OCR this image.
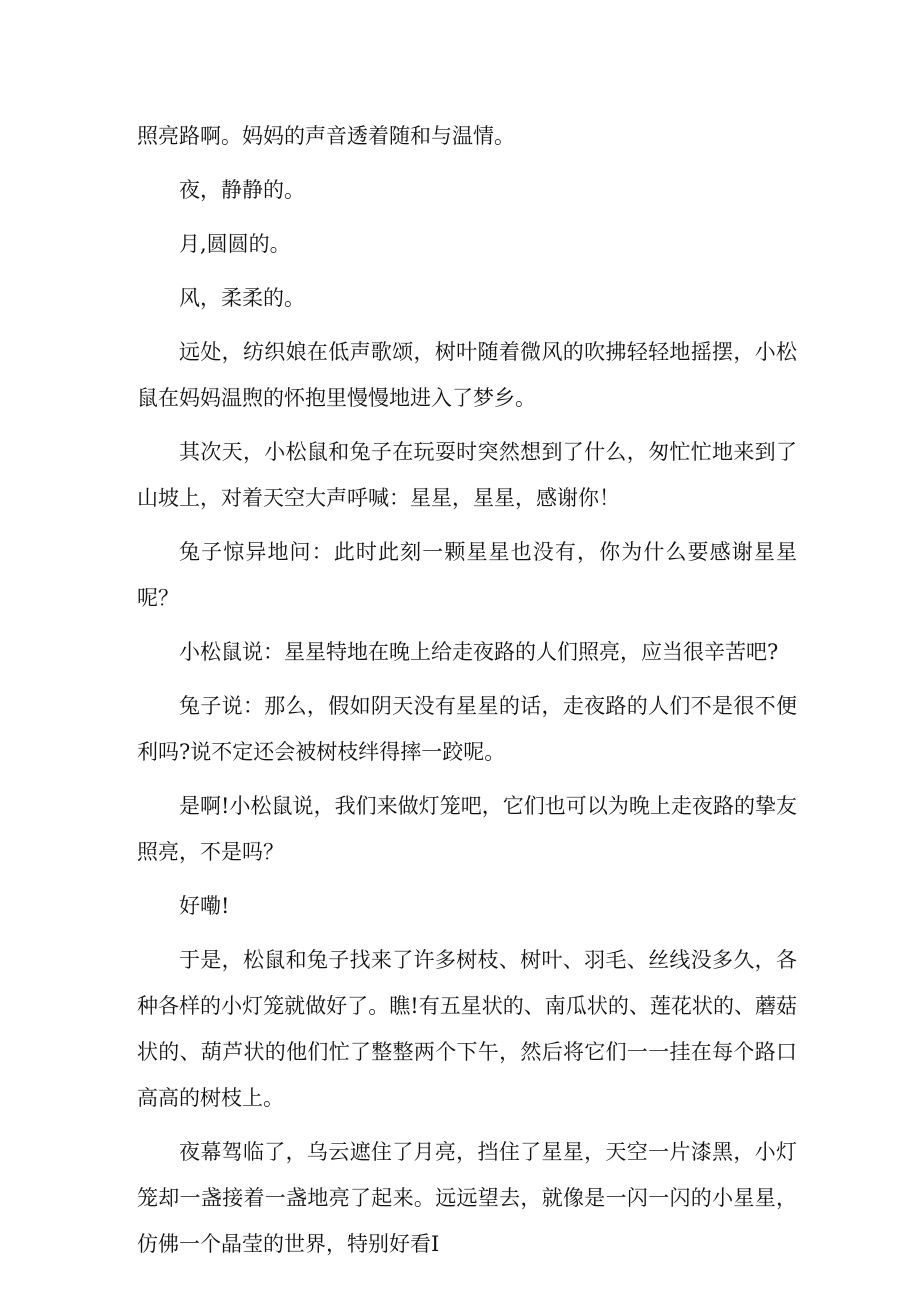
照亮路啊。妈妈的声音透着随和与温情。

夜，静静的。

月,圆圆的。

风，柔柔的。

远处，纺织娘在低声歌颂，树叶随着微风的吹拂轻轻地摇摆，小松鼠在妈妈温煦的怀抱里慢慢地进入了梦乡。

其次天，小松鼠和兔子在玩耍时突然想到了什么，匆忙忙地来到了山坡上，对着天空大声呼喊：星星，星星，感谢你！

兔子惊异地问：此时此刻一颗星星也没有，你为什么要感谢星星呢？

小松鼠说：星星特地在晚上给走夜路的人们照亮，应当很辛苦吧?

兔子说：那么，假如阴天没有星星的话，走夜路的人们不是很不便利吗?说不定还会被树枝绊得摔一跤呢。

是啊!小松鼠说，我们来做灯笼吧，它们也可以为晚上走夜路的挚友照亮，不是吗？

好嘞!

于是，松鼠和兔子找来了许多树枝、树叶、羽毛、丝线没多久，各种各样的小灯笼就做好了。瞧!有五星状的、南瓜状的、莲花状的、蘑菇状的、葫芦状的他们忙了整整两个下午，然后将它们一一挂在每个路口高高的树枝上。

夜幕驾临了，乌云遮住了月亮，挡住了星星，天空一片漆黑，小灯笼却一盏接着一盏地亮了起来。远远望去，就像是一闪一闪的小星星，仿佛一个晶莹的世界，特别好看I
